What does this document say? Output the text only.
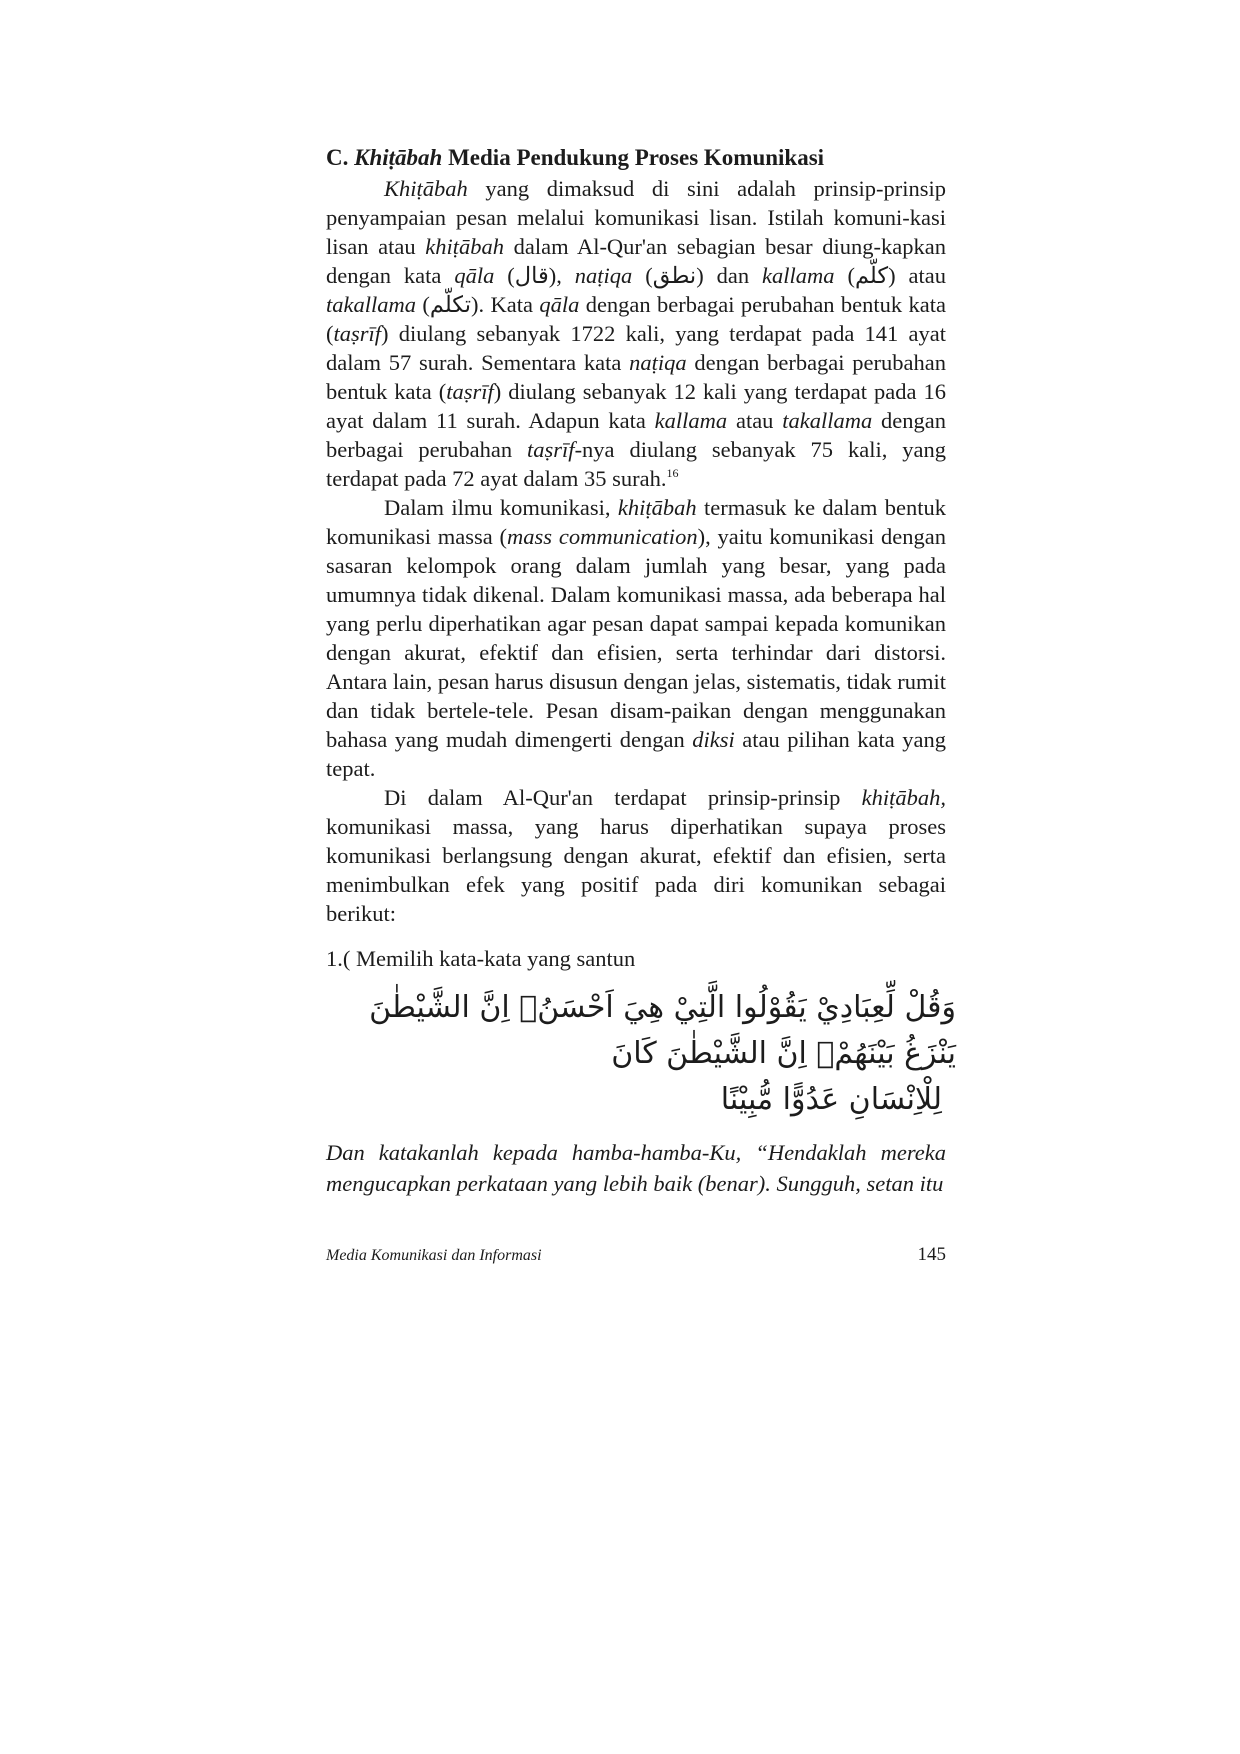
C. Khiṭābah Media Pendukung Proses Komunikasi

Khiṭābah yang dimaksud di sini adalah prinsip-prinsip penyampaian pesan melalui komunikasi lisan. Istilah komuni-kasi lisan atau khiṭābah dalam Al-Qur'an sebagian besar diung-kapkan dengan kata qāla (قال), naṭiqa (نطق) dan kallama (كلّم) atau takallama (تكلّم). Kata qāla dengan berbagai perubahan bentuk kata (taṣrīf) diulang sebanyak 1722 kali, yang terdapat pada 141 ayat dalam 57 surah. Sementara kata naṭiqa dengan berbagai perubahan bentuk kata (taṣrīf) diulang sebanyak 12 kali yang terdapat pada 16 ayat dalam 11 surah. Adapun kata kallama atau takallama dengan berbagai perubahan taṣrīf-nya diulang sebanyak 75 kali, yang terdapat pada 72 ayat dalam 35 surah.$^{16}$

Dalam ilmu komunikasi, khiṭābah termasuk ke dalam bentuk komunikasi massa (mass communication), yaitu komunikasi dengan sasaran kelompok orang dalam jumlah yang besar, yang pada umumnya tidak dikenal. Dalam komunikasi massa, ada beberapa hal yang perlu diperhatikan agar pesan dapat sampai kepada komunikan dengan akurat, efektif dan efisien, serta terhindar dari distorsi. Antara lain, pesan harus disusun dengan jelas, sistematis, tidak rumit dan tidak bertele-tele. Pesan disam-paikan dengan menggunakan bahasa yang mudah dimengerti dengan diksi atau pilihan kata yang tepat.

Di dalam Al-Qur'an terdapat prinsip-prinsip khiṭābah, komunikasi massa, yang harus diperhatikan supaya proses komunikasi berlangsung dengan akurat, efektif dan efisien, serta menimbulkan efek yang positif pada diri komunikan sebagai berikut:

1.( Memilih kata-kata yang santun

وَقُلْ لِّعِبَادِيْ يَقُوْلُوا الَّتِيْ هِيَ اَحْسَنُۗ اِنَّ الشَّيْطٰنَ يَنْزَغُ بَيْنَهُمْۗ اِنَّ الشَّيْطٰنَ كَانَ
لِلْاِنْسَانِ عَدُوًّا مُّبِيْنًا

Dan katakanlah kepada hamba-hamba-Ku, “Hendaklah mereka mengucapkan perkataan yang lebih baik (benar). Sungguh, setan itu

Media Komunikasi dan Informasi	145
